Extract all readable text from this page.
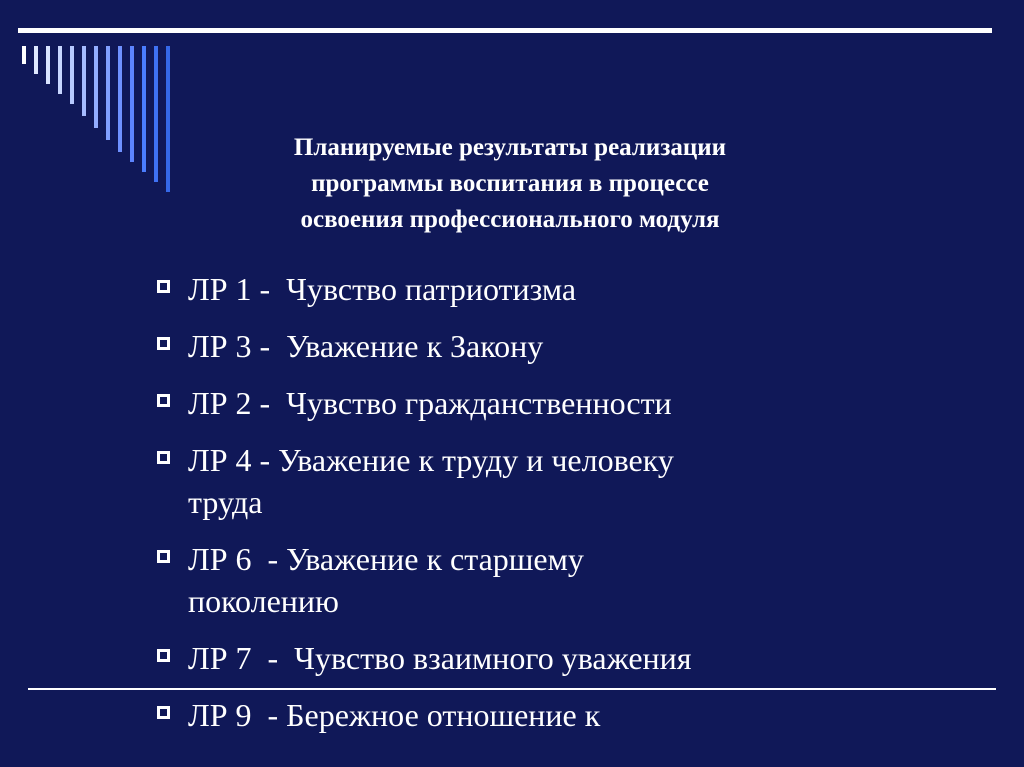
Планируемые результаты реализации
программы воспитания в процессе
освоения профессионального модуля
ЛР 1 -  Чувство патриотизма
ЛР 3 -  Уважение к Закону
ЛР 2 -  Чувство гражданственности
ЛР 4 - Уважение к труду и человеку
труда
ЛР 6  - Уважение к старшему
поколению
ЛР 7  -  Чувство взаимного уважения
ЛР 9  - Бережное отношение к
